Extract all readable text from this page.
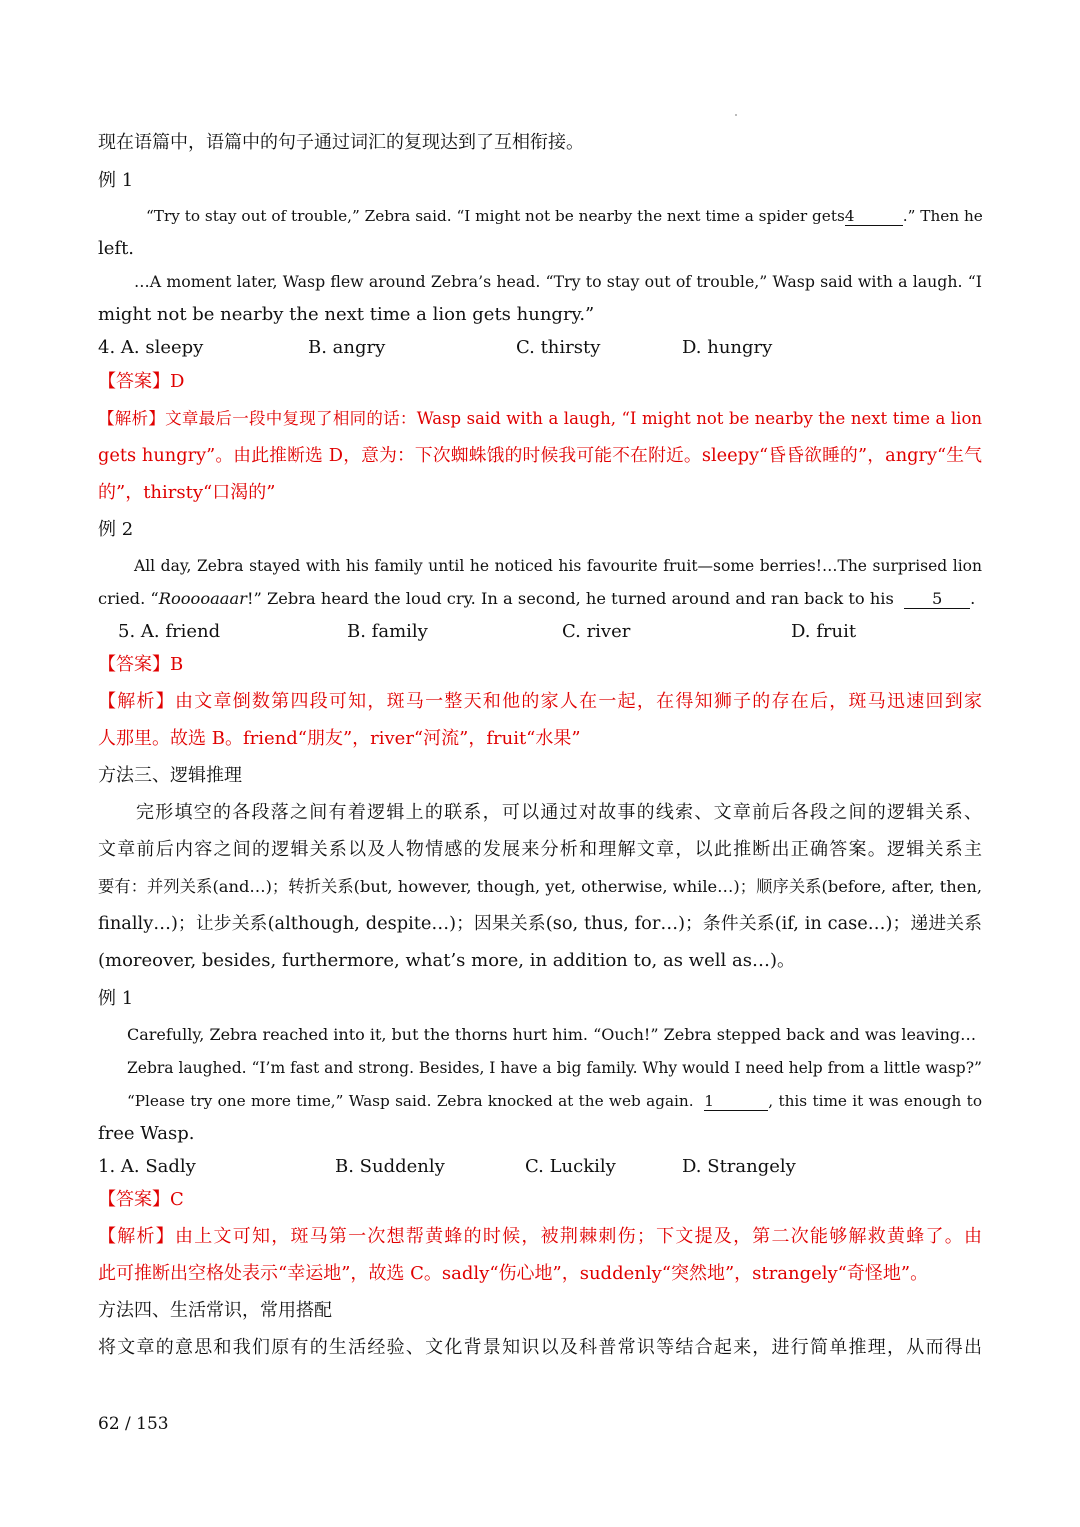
现在语篇中，语篇中的句子通过词汇的复现达到了互相衔接。
例 1
“Try to stay out of trouble,” Zebra said. “I might not be nearby the next time a spider gets4	.” Then he
left.
…A moment later, Wasp flew around Zebra’s head. “Try to stay out of trouble,” Wasp said with a laugh. “I
might not be nearby the next time a lion gets hungry.”
4. A. sleepy	B. angry	C. thirsty	D. hungry
【答案】D
【解析】文章最后一段中复现了相同的话：Wasp said with a laugh, “I might not be nearby the next time a lion
gets hungry”。由此推断选 D，意为：下次蜘蛛饿的时候我可能不在附近。sleepy“昏昏欲睡的”，angry“生气
的”，thirsty“口渴的”
例 2
All day, Zebra stayed with his family until he noticed his favourite fruit—some berries!…The surprised lion
cried. “Rooooaaar!” Zebra heard the loud cry. In a second, he turned around and ran back to his 5 .
5. A. friend	B. family	C. river	D. fruit
【答案】B
【解析】由文章倒数第四段可知，斑马一整天和他的家人在一起，在得知狮子的存在后，斑马迅速回到家
人那里。故选 B。friend“朋友”，river“河流”，fruit“水果”
方法三、逻辑推理
完形填空的各段落之间有着逻辑上的联系，可以通过对故事的线索、文章前后各段之间的逻辑关系、
文章前后内容之间的逻辑关系以及人物情感的发展来分析和理解文章，以此推断出正确答案。逻辑关系主
要有：并列关系(and…)；转折关系(but, however, though, yet, otherwise, while…)；顺序关系(before, after, then,
finally…)；让步关系(although, despite…)；因果关系(so, thus, for…)；条件关系(if, in case…)；递进关系
(moreover, besides, furthermore, what’s more, in addition to, as well as…)。
例 1
Carefully, Zebra reached into it, but the thorns hurt him. “Ouch!” Zebra stepped back and was leaving…
Zebra laughed. “I’m fast and strong. Besides, I have a big family. Why would I need help from a little wasp?”
“Please try one more time,” Wasp said. Zebra knocked at the web again. 1	, this time it was enough to
free Wasp.
1. A. Sadly	B. Suddenly	C. Luckily	D. Strangely
【答案】C
【解析】由上文可知，斑马第一次想帮黄蜂的时候，被荆棘刺伤；下文提及，第二次能够解救黄蜂了。由
此可推断出空格处表示“幸运地”，故选 C。sadly“伤心地”，suddenly“突然地”，strangely“奇怪地”。
方法四、生活常识，常用搭配
将文章的意思和我们原有的生活经验、文化背景知识以及科普常识等结合起来，进行简单推理，从而得出
62 / 153
